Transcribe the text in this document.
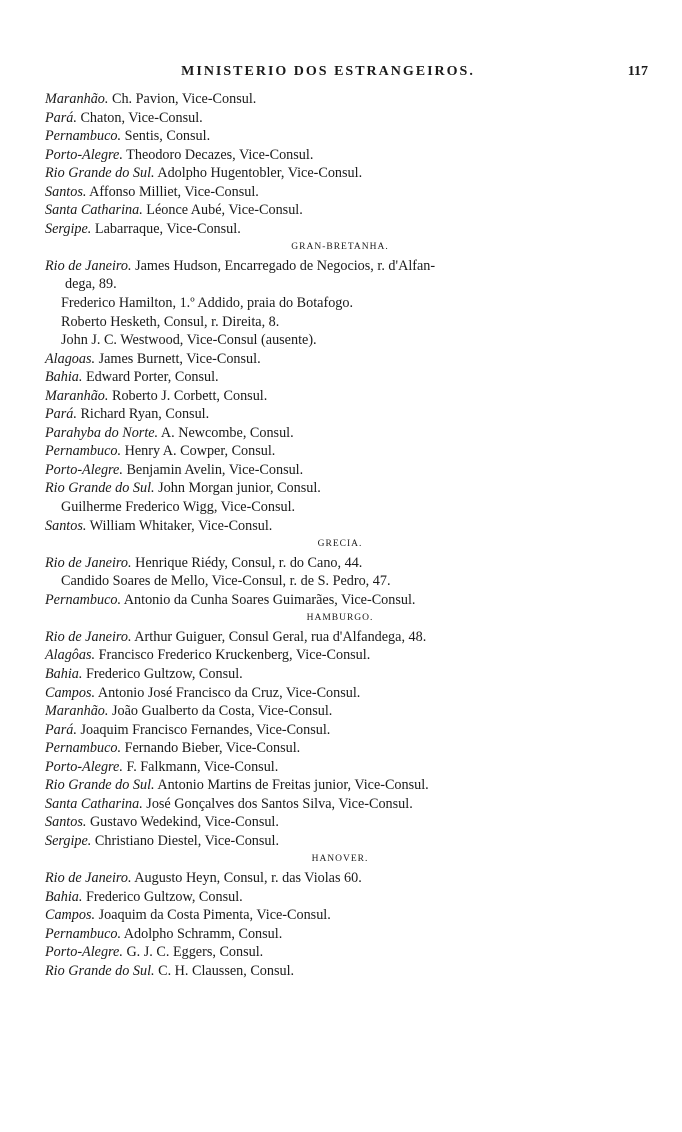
MINISTERIO DOS ESTRANGEIROS.	117
Maranhão. Ch. Pavion, Vice-Consul.
Pará. Chaton, Vice-Consul.
Pernambuco. Sentis, Consul.
Porto-Alegre. Theodoro Decazes, Vice-Consul.
Rio Grande do Sul. Adolpho Hugentobler, Vice-Consul.
Santos. Affonso Milliet, Vice-Consul.
Santa Catharina. Léonce Aubé, Vice-Consul.
Sergipe. Labarraque, Vice-Consul.
GRAN-BRETANHA.
Rio de Janeiro. James Hudson, Encarregado de Negocios, r. d'Alfan-
dega, 89.
Frederico Hamilton, 1.º Addido, praia do Botafogo.
Roberto Hesketh, Consul, r. Direita, 8.
John J. C. Westwood, Vice-Consul (ausente).
Alagoas. James Burnett, Vice-Consul.
Bahia. Edward Porter, Consul.
Maranhão. Roberto J. Corbett, Consul.
Pará. Richard Ryan, Consul.
Parahyba do Norte. A. Newcombe, Consul.
Pernambuco. Henry A. Cowper, Consul.
Porto-Alegre. Benjamin Avelin, Vice-Consul.
Rio Grande do Sul. John Morgan junior, Consul.
Guilherme Frederico Wigg, Vice-Consul.
Santos. William Whitaker, Vice-Consul.
GRECIA.
Rio de Janeiro. Henrique Riédy, Consul, r. do Cano, 44.
Candido Soares de Mello, Vice-Consul, r. de S. Pedro, 47.
Pernambuco. Antonio da Cunha Soares Guimarães, Vice-Consul.
HAMBURGO.
Rio de Janeiro. Arthur Guiguer, Consul Geral, rua d'Alfandega, 48.
Alagôas. Francisco Frederico Kruckenberg, Vice-Consul.
Bahia. Frederico Gultzow, Consul.
Campos. Antonio José Francisco da Cruz, Vice-Consul.
Maranhão. João Gualberto da Costa, Vice-Consul.
Pará. Joaquim Francisco Fernandes, Vice-Consul.
Pernambuco. Fernando Bieber, Vice-Consul.
Porto-Alegre. F. Falkmann, Vice-Consul.
Rio Grande do Sul. Antonio Martins de Freitas junior, Vice-Consul.
Santa Catharina. José Gonçalves dos Santos Silva, Vice-Consul.
Santos. Gustavo Wedekind, Vice-Consul.
Sergipe. Christiano Diestel, Vice-Consul.
HANOVER.
Rio de Janeiro. Augusto Heyn, Consul, r. das Violas 60.
Bahia. Frederico Gultzow, Consul.
Campos. Joaquim da Costa Pimenta, Vice-Consul.
Pernambuco. Adolpho Schramm, Consul.
Porto-Alegre. G. J. C. Eggers, Consul.
Rio Grande do Sul. C. H. Claussen, Consul.
